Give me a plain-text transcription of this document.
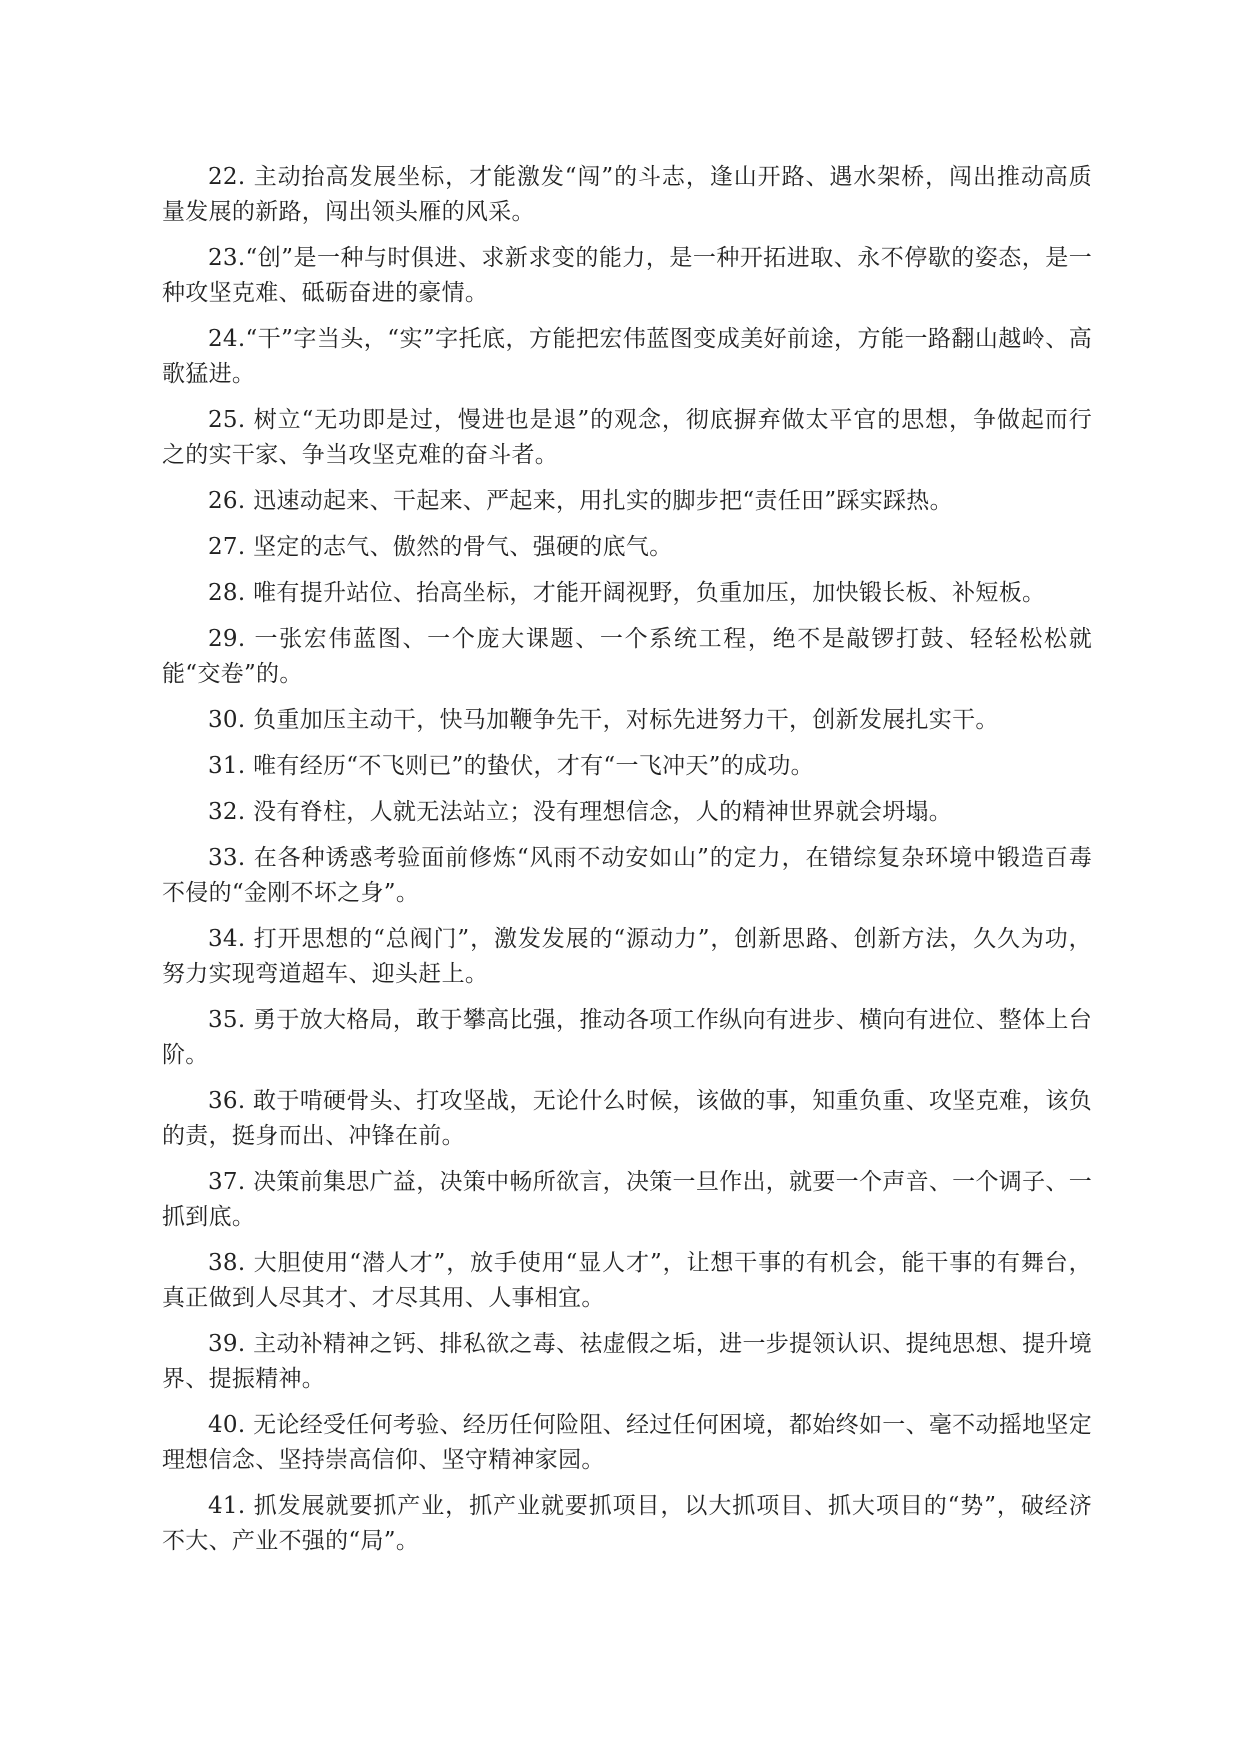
22. 主动抬高发展坐标，才能激发“闯”的斗志，逢山开路、遇水架桥，闯出推动高质量发展的新路，闯出领头雁的风采。

23.“创”是一种与时俱进、求新求变的能力，是一种开拓进取、永不停歇的姿态，是一种攻坚克难、砥砺奋进的豪情。

24.“干”字当头，“实”字托底，方能把宏伟蓝图变成美好前途，方能一路翻山越岭、高歌猛进。

25. 树立“无功即是过，慢进也是退”的观念，彻底摒弃做太平官的思想，争做起而行之的实干家、争当攻坚克难的奋斗者。

26. 迅速动起来、干起来、严起来，用扎实的脚步把“责任田”踩实踩热。

27. 坚定的志气、傲然的骨气、强硬的底气。

28. 唯有提升站位、抬高坐标，才能开阔视野，负重加压，加快锻长板、补短板。

29. 一张宏伟蓝图、一个庞大课题、一个系统工程，绝不是敲锣打鼓、轻轻松松就能“交卷”的。

30. 负重加压主动干，快马加鞭争先干，对标先进努力干，创新发展扎实干。

31. 唯有经历“不飞则已”的蛰伏，才有“一飞冲天”的成功。

32. 没有脊柱，人就无法站立；没有理想信念，人的精神世界就会坍塌。

33. 在各种诱惑考验面前修炼“风雨不动安如山”的定力，在错综复杂环境中锻造百毒不侵的“金刚不坏之身”。

34. 打开思想的“总阀门”，激发发展的“源动力”，创新思路、创新方法，久久为功，努力实现弯道超车、迎头赶上。

35. 勇于放大格局，敢于攀高比强，推动各项工作纵向有进步、横向有进位、整体上台阶。

36. 敢于啃硬骨头、打攻坚战，无论什么时候，该做的事，知重负重、攻坚克难，该负的责，挺身而出、冲锋在前。

37. 决策前集思广益，决策中畅所欲言，决策一旦作出，就要一个声音、一个调子、一抓到底。

38. 大胆使用“潜人才”，放手使用“显人才”，让想干事的有机会，能干事的有舞台，真正做到人尽其才、才尽其用、人事相宜。

39. 主动补精神之钙、排私欲之毒、祛虚假之垢，进一步提领认识、提纯思想、提升境界、提振精神。

40. 无论经受任何考验、经历任何险阻、经过任何困境，都始终如一、毫不动摇地坚定理想信念、坚持崇高信仰、坚守精神家园。

41. 抓发展就要抓产业，抓产业就要抓项目，以大抓项目、抓大项目的“势”，破经济不大、产业不强的“局”。
